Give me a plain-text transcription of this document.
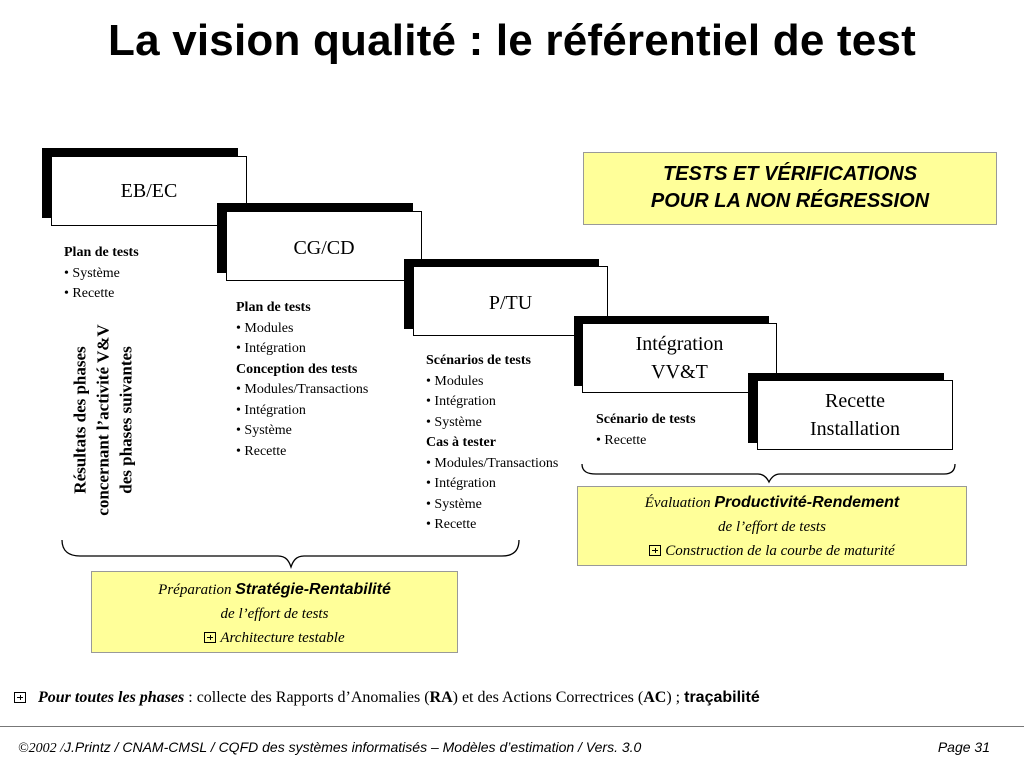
La vision qualité : le référentiel de test
EB/EC
CG/CD
P/TU
Intégration
VV&T
Recette
Installation
Plan de tests
• Système
• Recette
Plan de tests
• Modules
• Intégration
Conception des tests
• Modules/Transactions
• Intégration
• Système
• Recette
Scénarios de tests
• Modules
• Intégration
• Système
Cas à tester
• Modules/Transactions
• Intégration
• Système
• Recette
Scénario de tests
• Recette
Résultats des phases concernant l’activité V&V des phases suivantes
TESTS ET VÉRIFICATIONS
POUR LA NON RÉGRESSION
Évaluation Productivité-Rendement
de l’effort de tests
Construction de la courbe de maturité
Préparation Stratégie-Rentabilité
de l’effort de tests
Architecture testable
Pour toutes les phases : collecte des Rapports d’Anomalies (RA) et des Actions Correctrices (AC) ; traçabilité
©2002 /J.Printz / CNAM-CMSL / CQFD des systèmes informatisés – Modèles d’estimation / Vers. 3.0	Page 31
